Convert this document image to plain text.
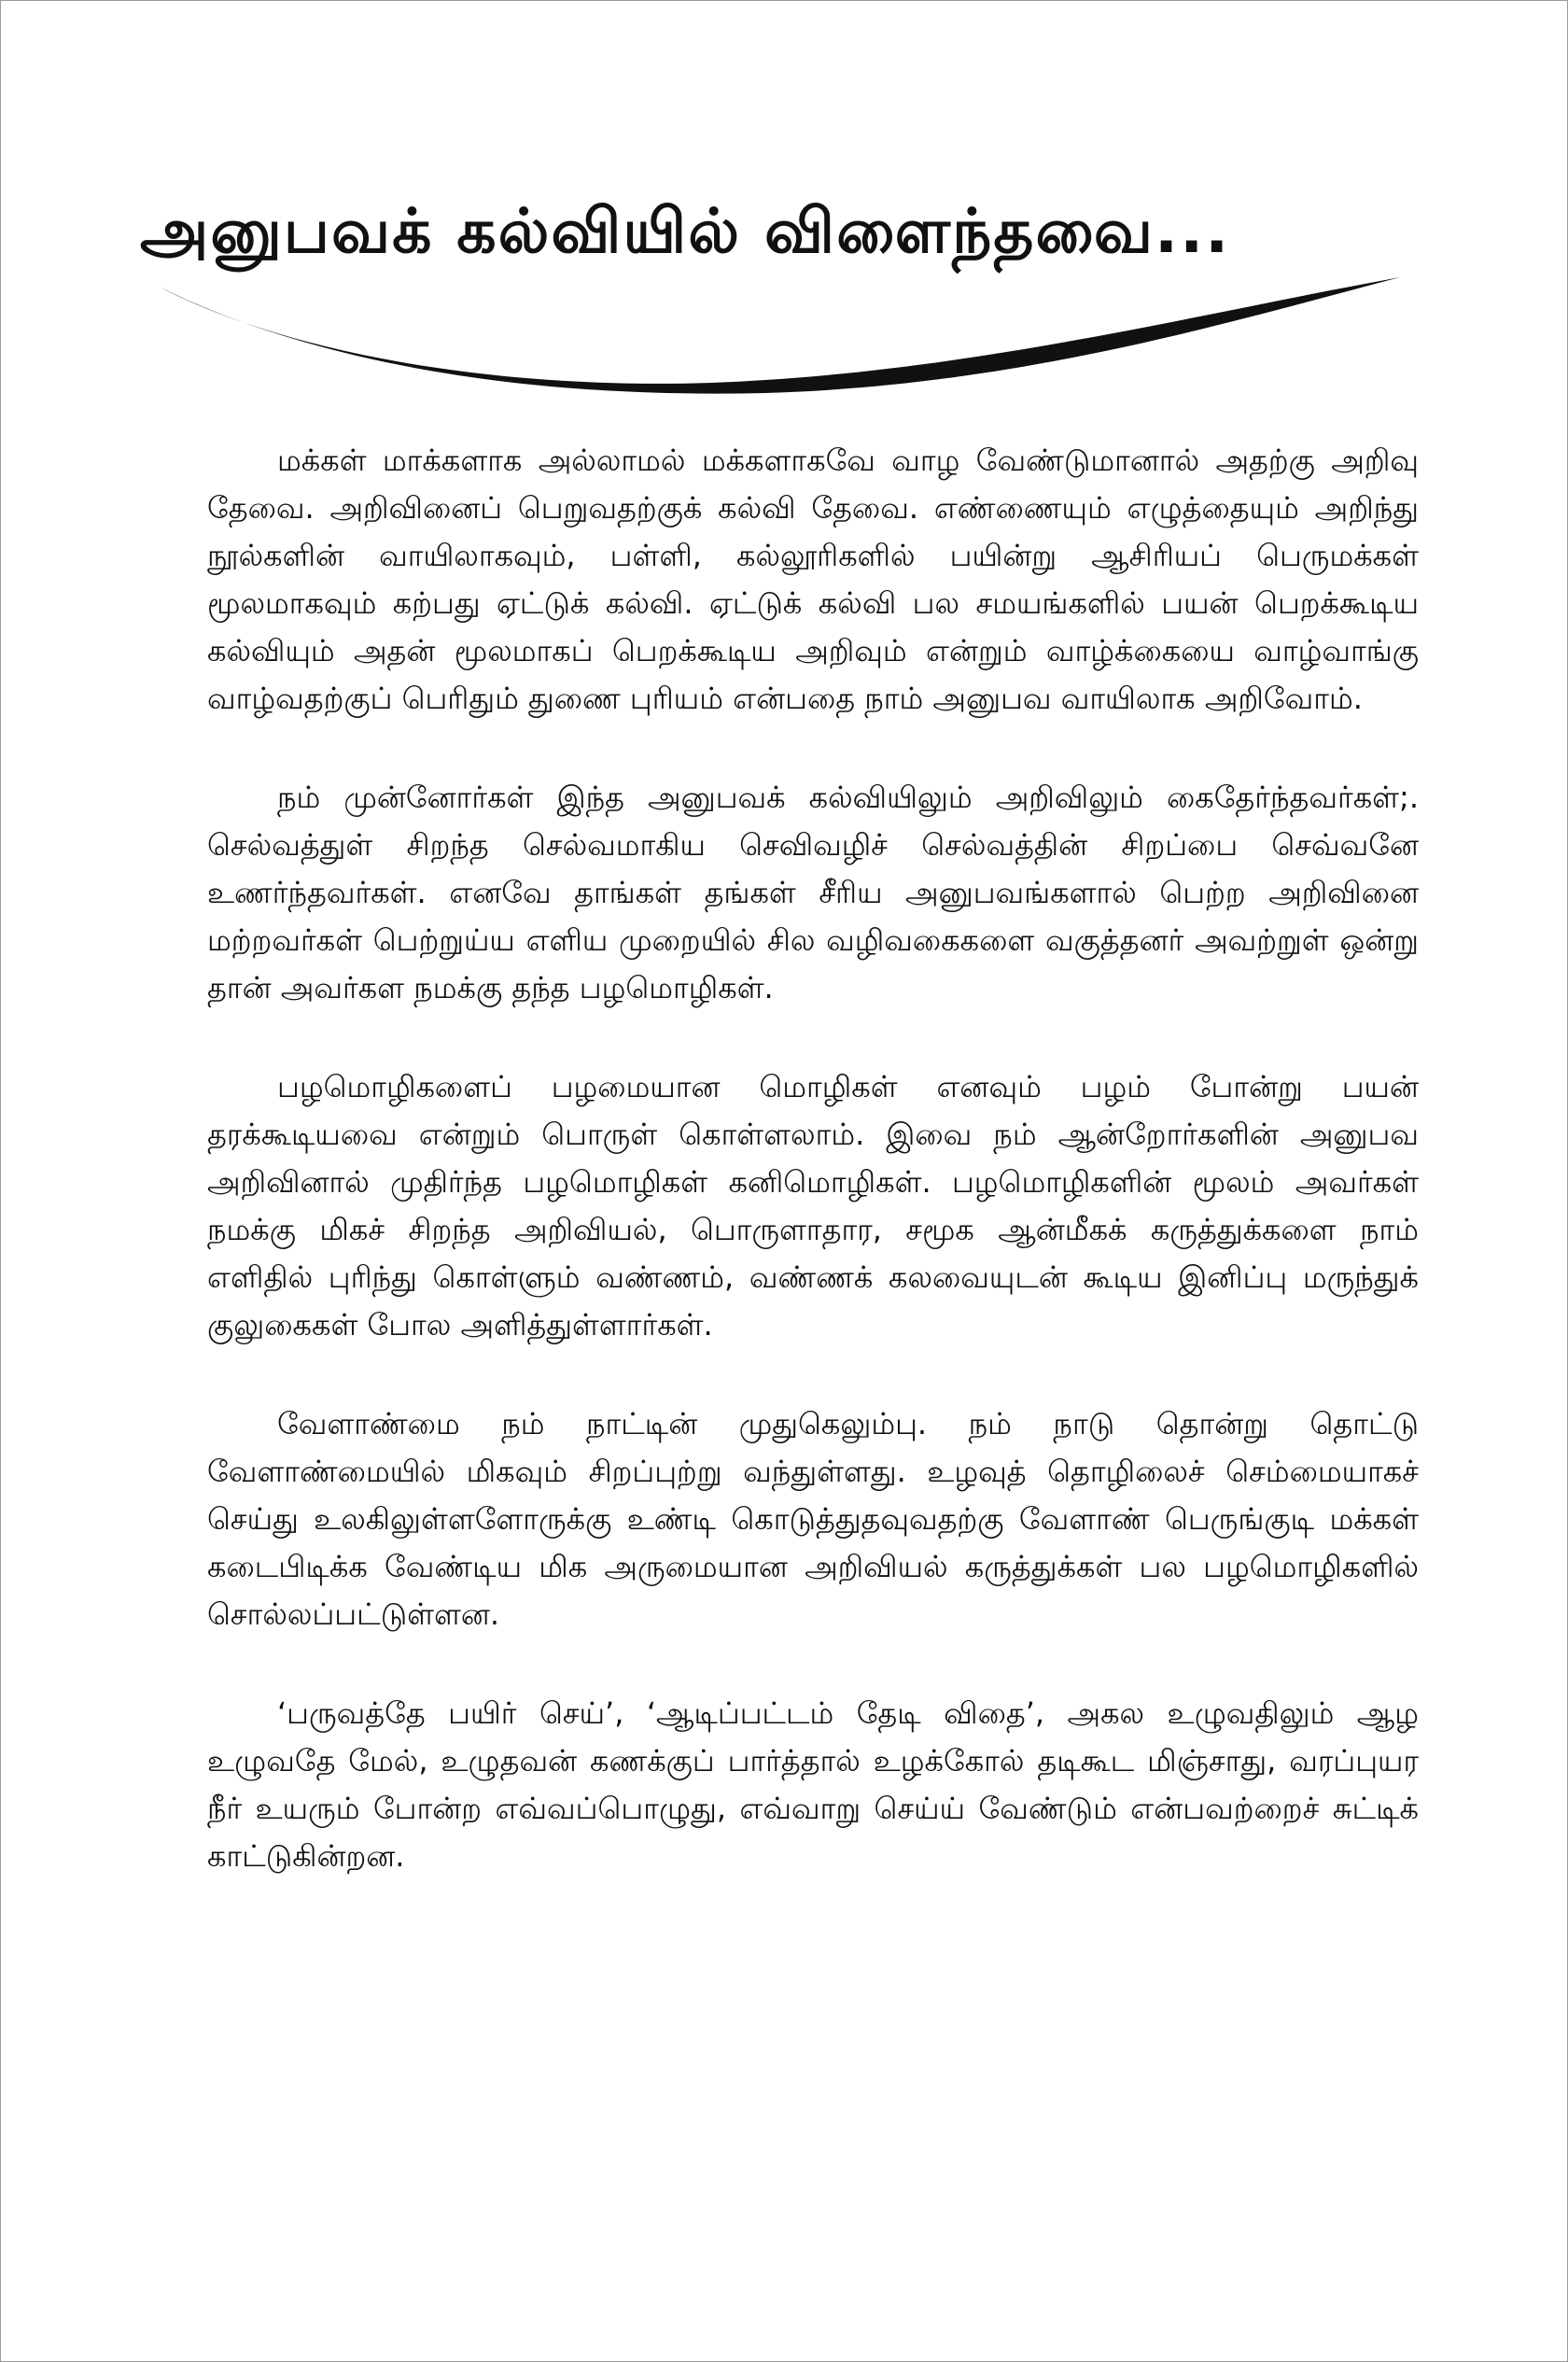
அனுபவக் கல்வியில் விளைந்தவை...

மக்கள் மாக்களாக அல்லாமல் மக்களாகவே வாழ வேண்டுமானால் அதற்கு அறிவு தேவை. அறிவினைப் பெறுவதற்குக் கல்வி தேவை. எண்ணையும் எழுத்தையும் அறிந்து நூல்களின் வாயிலாகவும், பள்ளி, கல்லூரிகளில் பயின்று ஆசிரியப் பெருமக்கள் மூலமாகவும் கற்பது ஏட்டுக் கல்வி. ஏட்டுக் கல்வி பல சமயங்களில் பயன் பெறக்கூடிய கல்வியும் அதன் மூலமாகப் பெறக்கூடிய அறிவும் என்றும் வாழ்க்கையை வாழ்வாங்கு வாழ்வதற்குப் பெரிதும் துணை புரியம் என்பதை நாம் அனுபவ வாயிலாக அறிவோம்.

நம் முன்னோர்கள் இந்த அனுபவக் கல்வியிலும் அறிவிலும் கைதேர்ந்தவர்கள்;. செல்வத்துள் சிறந்த செல்வமாகிய செவிவழிச் செல்வத்தின் சிறப்பை செவ்வனே உணர்ந்தவர்கள். எனவே தாங்கள் தங்கள் சீரிய அனுபவங்களால் பெற்ற அறிவினை மற்றவர்கள் பெற்றுய்ய எளிய முறையில் சில வழிவகைகளை வகுத்தனர் அவற்றுள் ஒன்று தான் அவர்கள நமக்கு தந்த பழமொழிகள்.

பழமொழிகளைப் பழமையான மொழிகள் எனவும் பழம் போன்று பயன் தரக்கூடியவை என்றும் பொருள் கொள்ளலாம். இவை நம் ஆன்றோர்களின் அனுபவ அறிவினால் முதிர்ந்த பழமொழிகள் கனிமொழிகள். பழமொழிகளின் மூலம் அவர்கள் நமக்கு மிகச் சிறந்த அறிவியல், பொருளாதார, சமூக ஆன்மீகக் கருத்துக்களை நாம் எளிதில் புரிந்து கொள்ளும் வண்ணம், வண்ணக் கலவையுடன் கூடிய இனிப்பு மருந்துக் குலுகைகள் போல அளித்துள்ளார்கள்.

வேளாண்மை நம் நாட்டின் முதுகெலும்பு. நம் நாடு தொன்று தொட்டு வேளாண்மையில் மிகவும் சிறப்புற்று வந்துள்ளது. உழவுத் தொழிலைச் செம்மையாகச் செய்து உலகிலுள்ளளோருக்கு உண்டி கொடுத்துதவுவதற்கு வேளாண் பெருங்குடி மக்கள் கடைபிடிக்க வேண்டிய மிக அருமையான அறிவியல் கருத்துக்கள் பல பழமொழிகளில் சொல்லப்பட்டுள்ளன.

‘பருவத்தே பயிர் செய்’, ‘ஆடிப்பட்டம் தேடி விதை’, அகல உழுவதிலும் ஆழ உழுவதே மேல், உழுதவன் கணக்குப் பார்த்தால் உழக்கோல் தடிகூட மிஞ்சாது, வரப்புயர நீர் உயரும் போன்ற எவ்வப்பொழுது, எவ்வாறு செய்ய் வேண்டும் என்பவற்றைச் சுட்டிக் காட்டுகின்றன.
